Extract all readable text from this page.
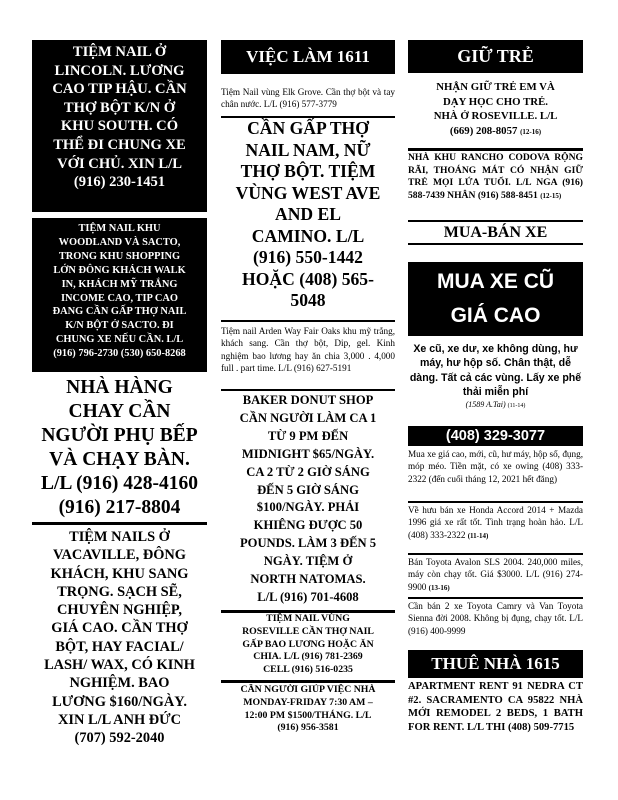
TIỆM NAIL Ở
LINCOLN. LƯƠNG
CAO TIP HẬU. CẦN
THỢ BỘT K/N Ở
KHU SOUTH. CÓ
THỂ ĐI CHUNG XE
VỚI CHỦ. XIN L/L
(916) 230-1451

TIỆM NAIL KHU
WOODLAND VÀ SACTO,
TRONG KHU SHOPPING
LỚN ĐÔNG KHÁCH WALK
IN, KHÁCH MỸ TRẮNG
INCOME CAO, TIP CAO
ĐANG CẦN GẤP THỢ NAIL
K/N BỘT Ở SACTO. ĐI
CHUNG XE NẾU CẦN. L/L
(916) 796-2730 (530) 650-8268

NHÀ HÀNG
CHAY CẦN
NGƯỜI PHỤ BẾP
VÀ CHẠY BÀN.
L/L (916) 428-4160
(916) 217-8804

TIỆM NAILS Ở
VACAVILLE, ĐÔNG
KHÁCH, KHU SANG
TRỌNG. SẠCH SẼ,
CHUYÊN NGHIỆP,
GIÁ CAO. CẦN THỢ
BỘT, HAY FACIAL/
LASH/ WAX, CÓ KINH
NGHIỆM. BAO
LƯƠNG $160/NGÀY.
XIN L/L ANH ĐỨC
(707) 592-2040

VIỆC LÀM 1611

Tiệm Nail vùng Elk Grove. Cần thợ bột và tay chân nước. L/L (916) 577-3779

CẦN GẤP THỢ
NAIL NAM, NỮ
THỢ BỘT. TIỆM
VÙNG WEST AVE
AND EL
CAMINO. L/L
(916) 550-1442
HOẶC (408) 565-
5048

Tiệm nail Arden Way Fair Oaks khu mỹ trắng, khách sang. Cần thợ bột, Dip, gel. Kinh nghiệm bao lương hay ăn chia 3,000 . 4,000 full . part time. L/L (916) 627-5191

BAKER DONUT SHOP
CẦN NGƯỜI LÀM CA 1
TỪ 9 PM ĐẾN
MIDNIGHT $65/NGÀY.
CA 2 TỪ 2 GIỜ SÁNG
ĐẾN 5 GIỜ SÁNG
$100/NGÀY. PHẢI
KHIÊNG ĐƯỢC 50
POUNDS. LÀM 3 ĐẾN 5
NGÀY. TIỆM Ở
NORTH NATOMAS.
L/L (916) 701-4608

TIỆM NAIL VÙNG
ROSEVILLE CẦN THỢ NAIL
GẤP BAO LƯƠNG HOẶC ĂN
CHIA. L/L (916) 781-2369
CELL (916) 516-0235

CẦN NGƯỜI GIÚP VIỆC NHÀ
MONDAY-FRIDAY 7:30 AM –
12:00 PM $1500/THÁNG. L/L
(916) 956-3581

GIỮ TRẺ

NHẬN GIỮ TRẺ EM VÀ
DẠY HỌC CHO TRẺ.
NHÀ Ở ROSEVILLE. L/L
(669) 208-8057 (12-16)

NHÀ KHU RANCHO CODOVA RỘNG RÃI, THOÁNG MÁT CÓ NHẬN GIỮ TRẺ MỌI LỨA TUỔI. L/L NGA (916) 588-7439 NHÂN (916) 588-8451 (12-15)

MUA-BÁN XE
MUA XE CŨ
GIÁ CAO

Xe cũ, xe dư, xe không dùng, hư máy, hư hộp số. Chân thật, dễ dàng. Tất cả các vùng. Lấy xe phế thải miễn phí

(1589 A.Tai) (11-14)

(408) 329-3077

Mua xe giá cao, mới, cũ, hư máy, hộp số, đụng, móp méo. Tiền mặt, có xe owing (408) 333-2322 (đến cuối tháng 12, 2021 hết đăng)

Về hưu bán xe Honda Accord 2014 + Mazda 1996 giá xe rất tốt. Tình trạng hoàn hảo. L/L (408) 333-2322 (11-14)

Bán Toyota Avalon SLS 2004. 240,000 miles, máy còn chạy tốt. Giá $3000. L/L (916) 274-9900 (13-16)

Cần bán 2 xe Toyota Camry và Van Toyota Sienna đời 2008. Không bị đụng, chạy tốt. L/L (916) 400-9999

THUÊ NHÀ 1615

APARTMENT RENT 91 NEDRA CT #2. SACRAMENTO CA 95822 NHÀ MỚI REMODEL 2 BEDS, 1 BATH FOR RENT. L/L THI (408) 509-7715
